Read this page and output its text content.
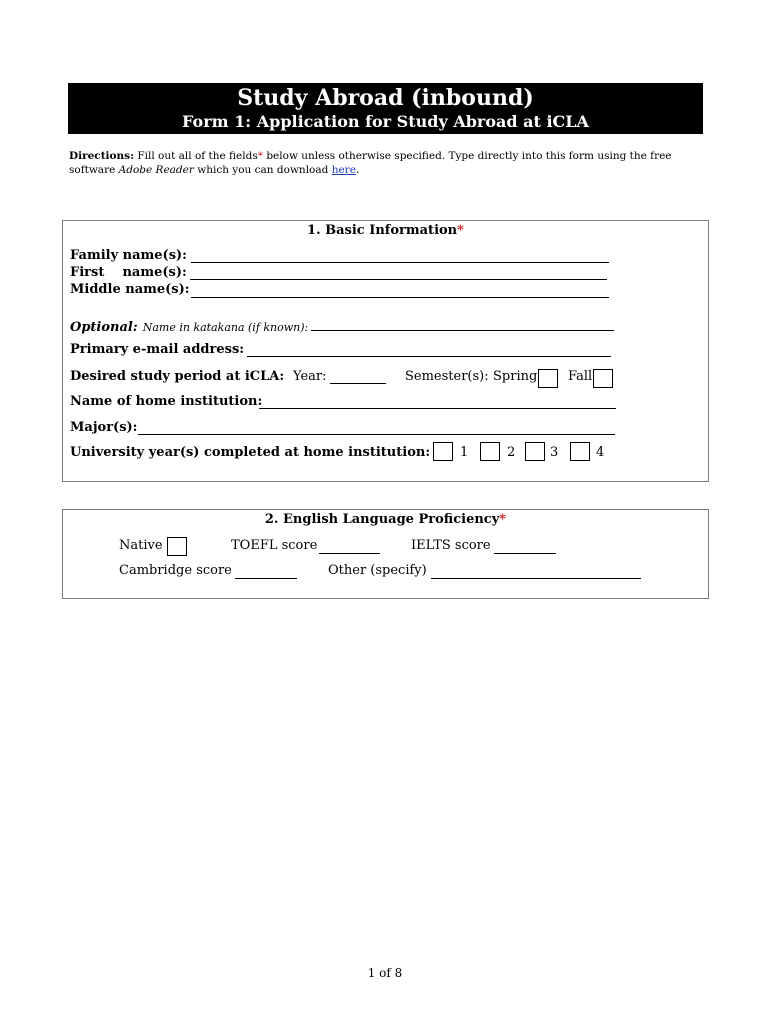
Study Abroad (inbound)
Form 1: Application for Study Abroad at iCLA
Directions: Fill out all of the fields* below unless otherwise specified. Type directly into this form using the free software Adobe Reader which you can download here.
1. Basic Information*
Family name(s):
First name(s):
Middle name(s):
Optional: Name in katakana (if known):
Primary e-mail address:
Desired study period at iCLA: Year:	Semester(s): Spring Fall
Name of home institution:
Major(s):
University year(s) completed at home institution: 1	2	3	4
2. English Language Proficiency*
Native	TOEFL score	IELTS score
Cambridge score	Other (specify)
1 of 8
